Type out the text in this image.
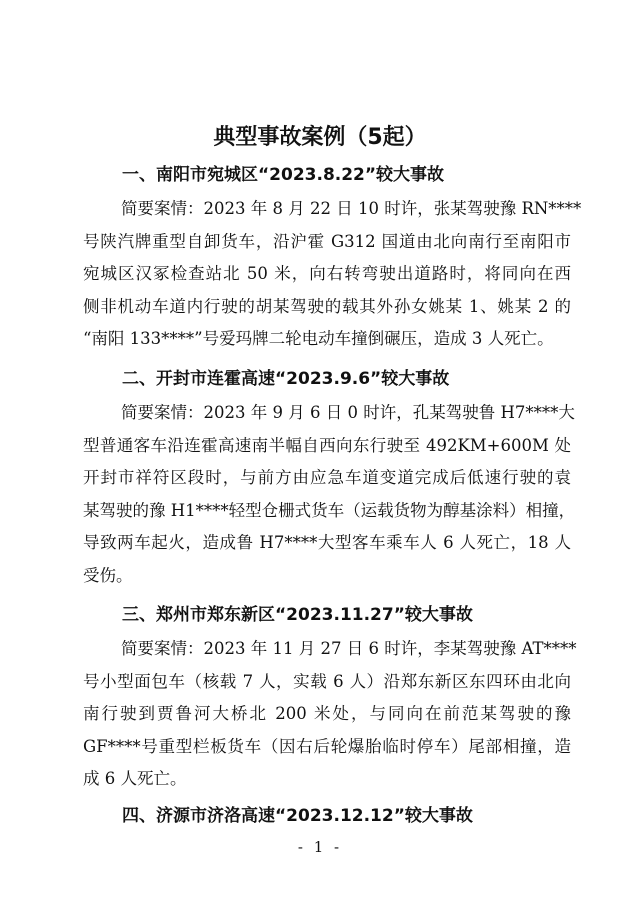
典型事故案例（5起）
一、南阳市宛城区“2023.8.22”较大事故
简要案情：2023 年 8 月 22 日 10 时许，张某驾驶豫 RN****
号陕汽牌重型自卸货车，沿沪霍 G312 国道由北向南行至南阳市
宛城区汉冢检查站北 50 米，向右转弯驶出道路时，将同向在西
侧非机动车道内行驶的胡某驾驶的载其外孙女姚某 1、姚某 2 的
“南阳 133****”号爱玛牌二轮电动车撞倒碾压，造成 3 人死亡。
二、开封市连霍高速“2023.9.6”较大事故
简要案情：2023 年 9 月 6 日 0 时许，孔某驾驶鲁 H7****大
型普通客车沿连霍高速南半幅自西向东行驶至 492KM+600M 处
开封市祥符区段时，与前方由应急车道变道完成后低速行驶的袁
某驾驶的豫 H1****轻型仓栅式货车（运载货物为醇基涂料）相撞，
导致两车起火，造成鲁 H7****大型客车乘车人 6 人死亡，18 人
受伤。
三、郑州市郑东新区“2023.11.27”较大事故
简要案情：2023 年 11 月 27 日 6 时许，李某驾驶豫 AT****
号小型面包车（核载 7 人，实载 6 人）沿郑东新区东四环由北向
南行驶到贾鲁河大桥北 200 米处，与同向在前范某驾驶的豫
GF****号重型栏板货车（因右后轮爆胎临时停车）尾部相撞，造
成 6 人死亡。
四、济源市济洛高速“2023.12.12”较大事故
- 1 -
